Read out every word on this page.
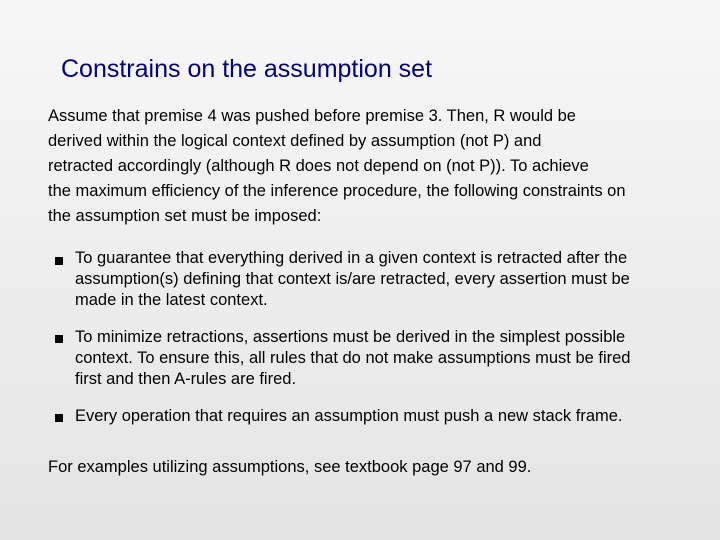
Constrains on the assumption set
Assume that premise 4 was pushed before premise 3. Then, R would be
derived within the logical context defined by assumption (not P) and
retracted accordingly (although R does not depend on (not P)). To achieve
the maximum efficiency of the inference procedure, the following constraints on
the assumption set must be imposed:
To guarantee that everything derived in a given context is retracted after the
assumption(s) defining that context is/are retracted, every assertion must be
made in the latest context.
To minimize retractions, assertions must be derived in the simplest possible
context. To ensure this, all rules that do not make assumptions must be fired
first and then A-rules are fired.
Every operation that requires an assumption must push a new stack frame.
For examples utilizing assumptions, see textbook page 97 and 99.
